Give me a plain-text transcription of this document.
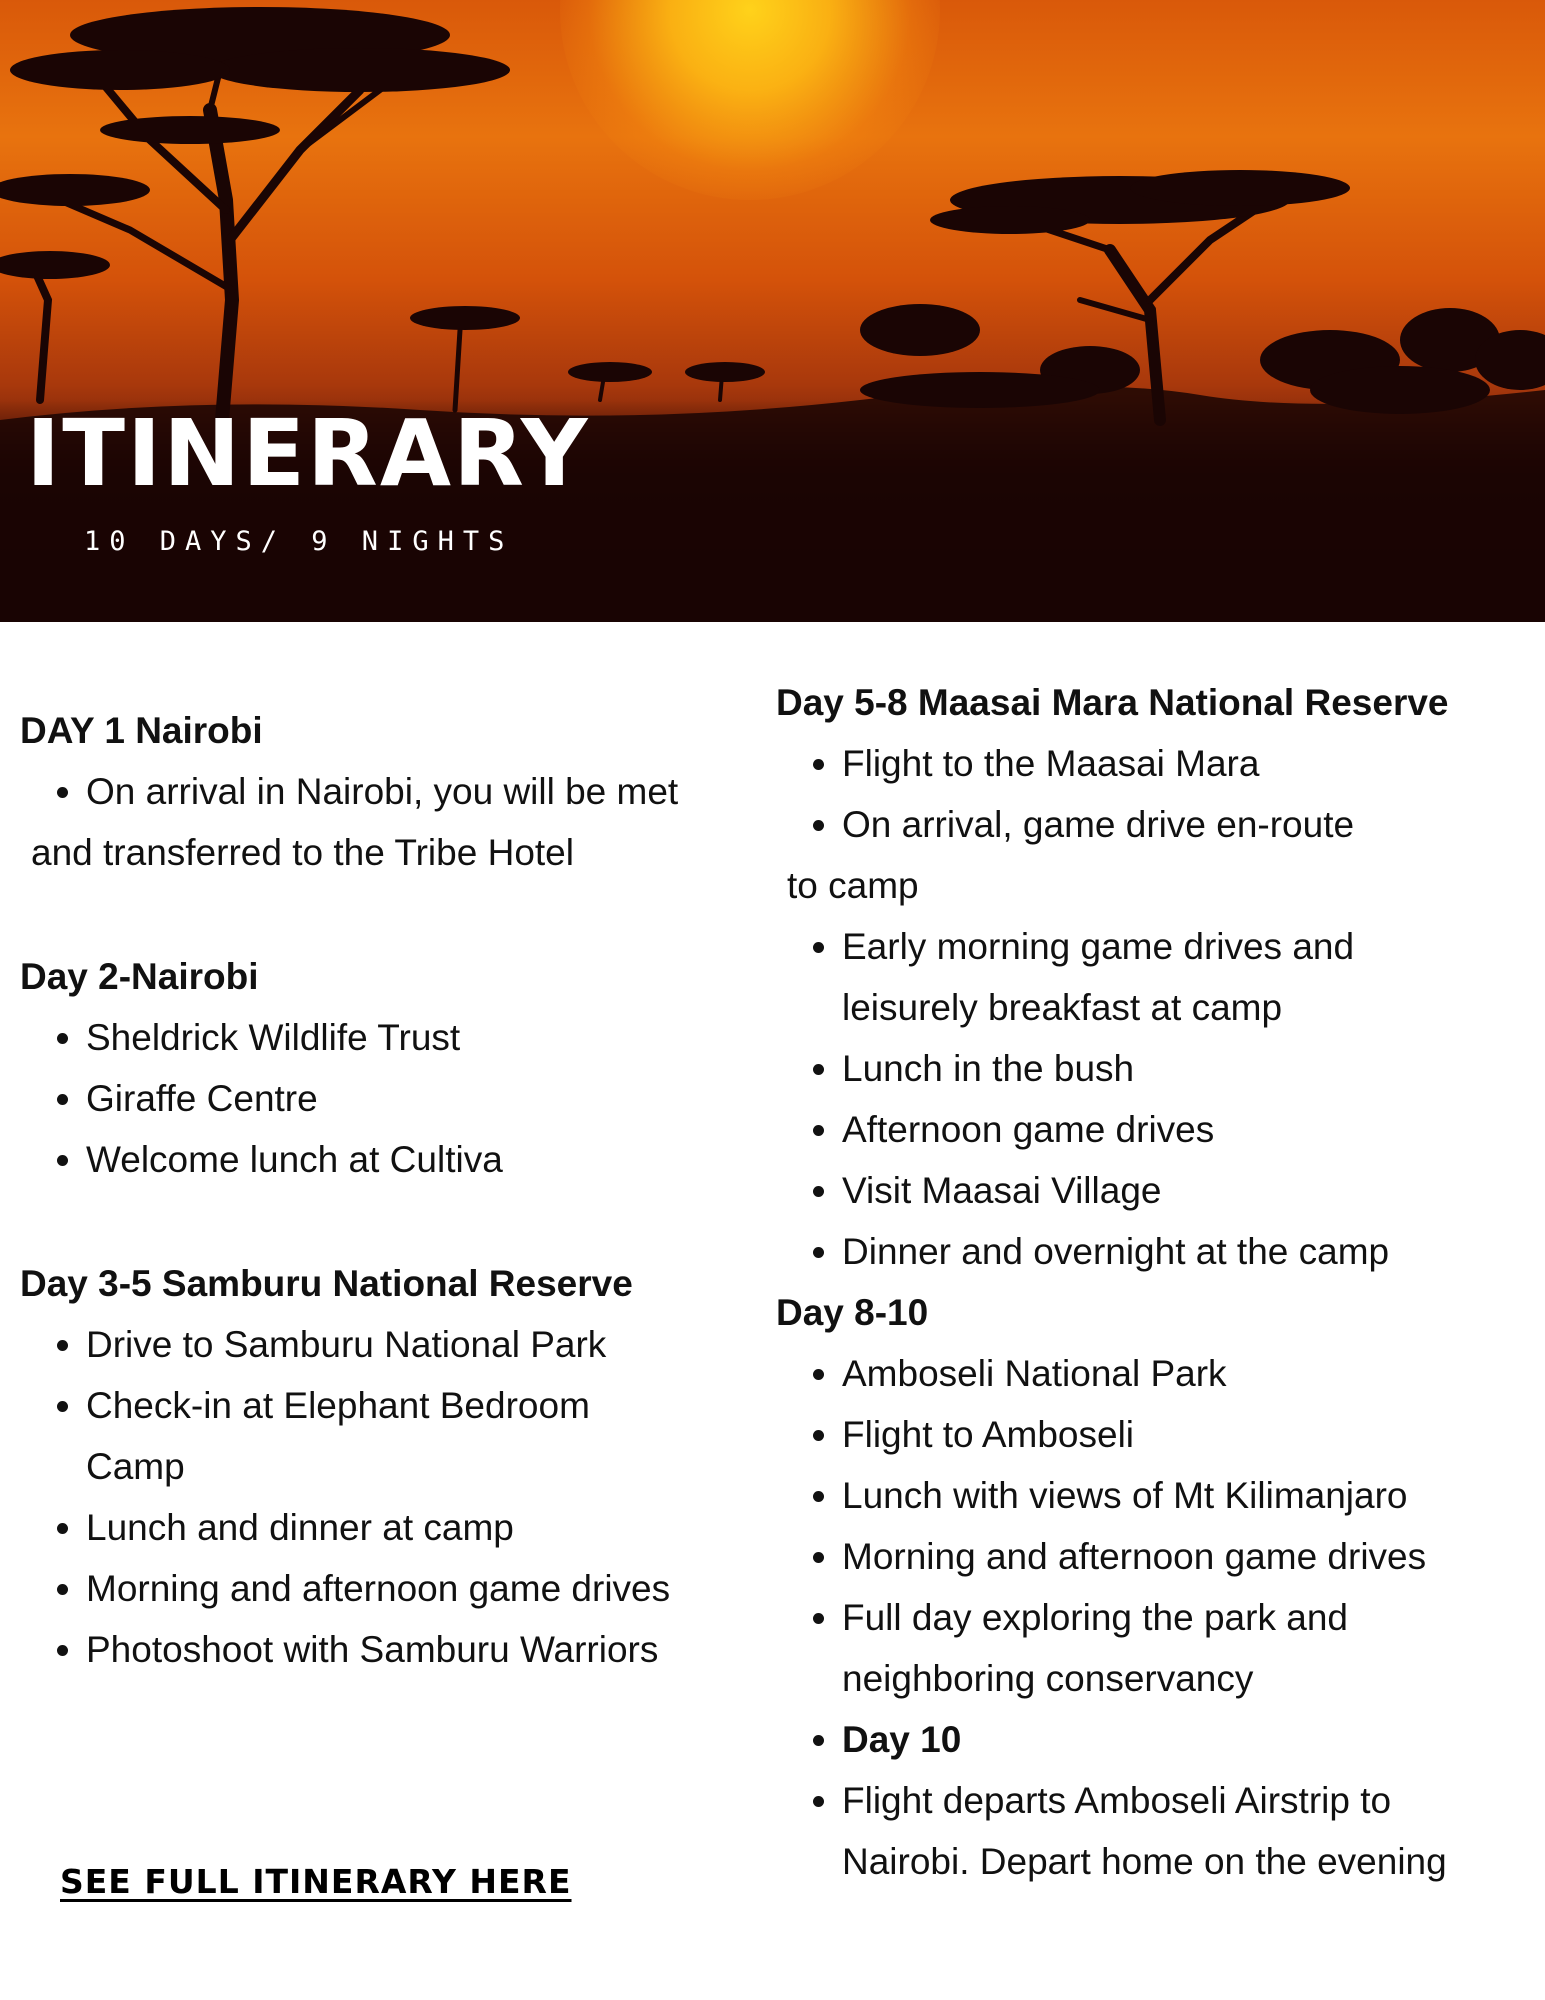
ITINERARY
10 DAYS/ 9 NIGHTS
DAY 1 Nairobi
• On arrival in Nairobi, you will be met
and transferred to the Tribe Hotel
Day 2-Nairobi
• Sheldrick Wildlife Trust
• Giraffe Centre
• Welcome lunch at Cultiva
Day 3-5 Samburu National Reserve
• Drive to Samburu National Park
• Check-in at Elephant Bedroom Camp
• Lunch and dinner at camp
• Morning and afternoon game drives
• Photoshoot with Samburu Warriors
Day 5-8 Maasai Mara National Reserve
• Flight to the Maasai Mara
• On arrival, game drive en-route
to camp
• Early morning game drives and leisurely breakfast at camp
• Lunch in the bush
• Afternoon game drives
• Visit Maasai Village
• Dinner and overnight at the camp
Day 8-10
• Amboseli National Park
• Flight to Amboseli
• Lunch with views of Mt Kilimanjaro
• Morning and afternoon game drives
• Full day exploring the park and neighboring conservancy
• Day 10
• Flight departs Amboseli Airstrip to Nairobi. Depart home on the evening
SEE FULL ITINERARY HERE
